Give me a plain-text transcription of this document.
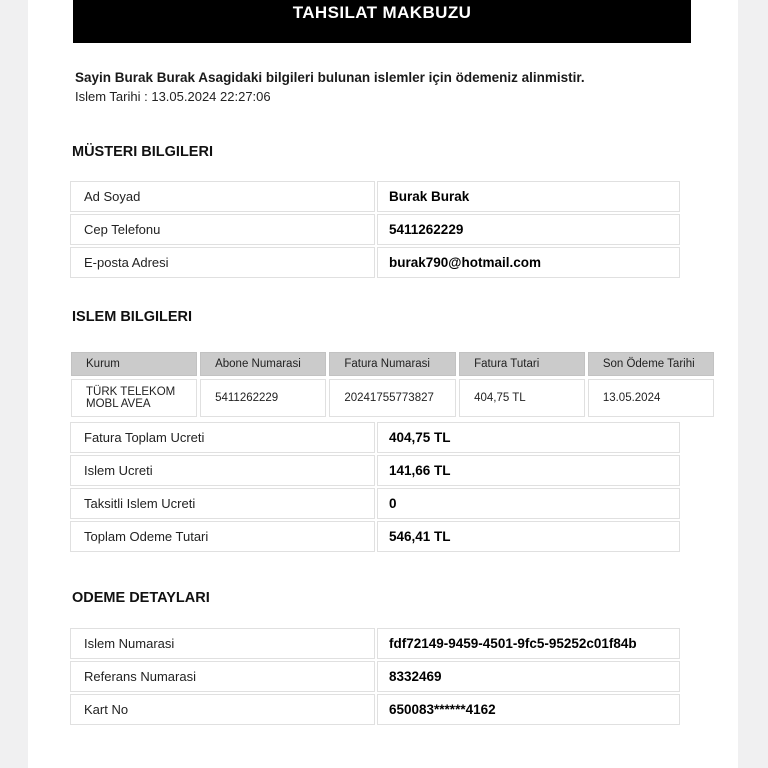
TAHSILAT MAKBUZU
Sayin Burak Burak Asagidaki bilgileri bulunan islemler için ödemeniz alinmistir.
Islem Tarihi : 13.05.2024 22:27:06
MÜSTERI BILGILERI
Ad Soyad	Burak Burak
Cep Telefonu	5411262229
E-posta Adresi	burak790@hotmail.com
ISLEM BILGILERI
Kurum	Abone Numarasi	Fatura Numarasi	Fatura Tutari	Son Ödeme Tarihi
TÜRK TELEKOM MOBL AVEA	5411262229	20241755773827	404,75 TL	13.05.2024
Fatura Toplam Ucreti	404,75 TL
Islem Ucreti	141,66 TL
Taksitli Islem Ucreti	0
Toplam Odeme Tutari	546,41 TL
ODEME DETAYLARI
Islem Numarasi	fdf72149-9459-4501-9fc5-95252c01f84b
Referans Numarasi	8332469
Kart No	650083******4162
